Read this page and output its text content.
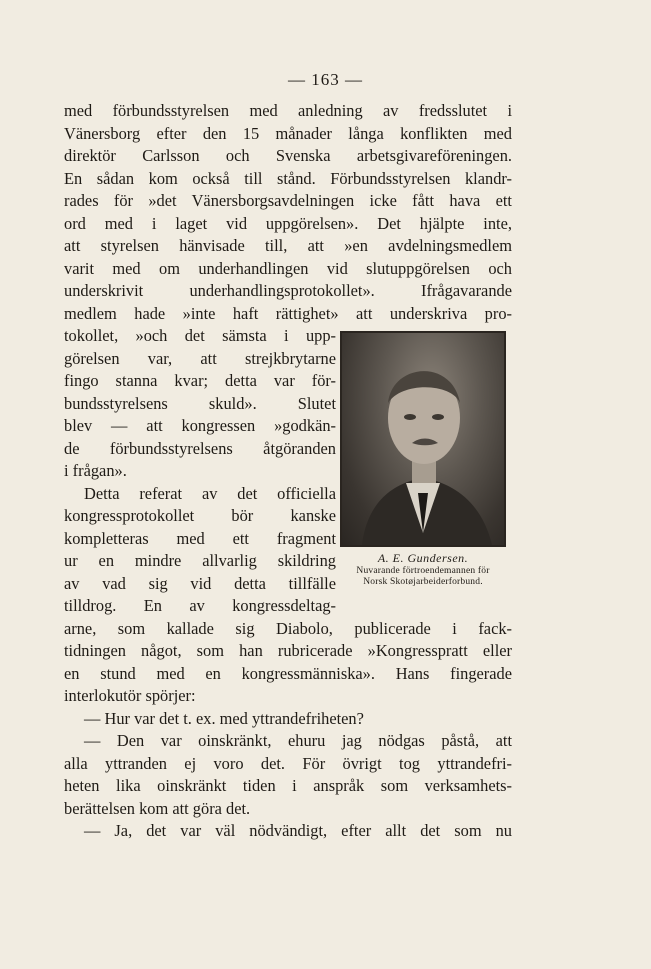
— 163 —
med förbundsstyrelsen med anledning av fredsslutet i
Vänersborg efter den 15 månader långa konflikten med
direktör Carlsson och Svenska arbetsgivareföreningen.
En sådan kom också till stånd. Förbundsstyrelsen klandr-
rades för »det Vänersborgsavdelningen icke fått hava ett
ord med i laget vid uppgörelsen». Det hjälpte inte,
att styrelsen hänvisade till, att »en avdelningsmedlem
varit med om underhandlingen vid slutuppgörelsen och
underskrivit underhandlingsprotokollet». Ifrågavarande
medlem hade »inte haft rättighet» att underskriva pro-
tokollet, »och det sämsta i upp-
görelsen var, att strejkbrytarne
fingo stanna kvar; detta var för-
bundsstyrelsens skuld». Slutet
blev — att kongressen »godkän-
de förbundsstyrelsens åtgöranden
i frågan».
Detta referat av det officiella
kongressprotokollet bör kanske
kompletteras med ett fragment
ur en mindre allvarlig skildring
av vad sig vid detta tillfälle
tilldrog. En av kongressdeltag-
arne, som kallade sig Diabolo, publicerade i fack-
tidningen något, som han rubricerade »Kongresspratt eller
en stund med en kongressmänniska». Hans fingerade
interlokutör spörjer:
— Hur var det t. ex. med yttrandefriheten?
— Den var oinskränkt, ehuru jag nödgas påstå, att
alla yttranden ej voro det. För övrigt tog yttrandefri-
heten lika oinskränkt tiden i anspråk som verksamhets-
berättelsen kom att göra det.
— Ja, det var väl nödvändigt, efter allt det som nu
A. E. Gundersen.
Nuvarande förtroendemannen för
Norsk Skotøjarbeiderforbund.
